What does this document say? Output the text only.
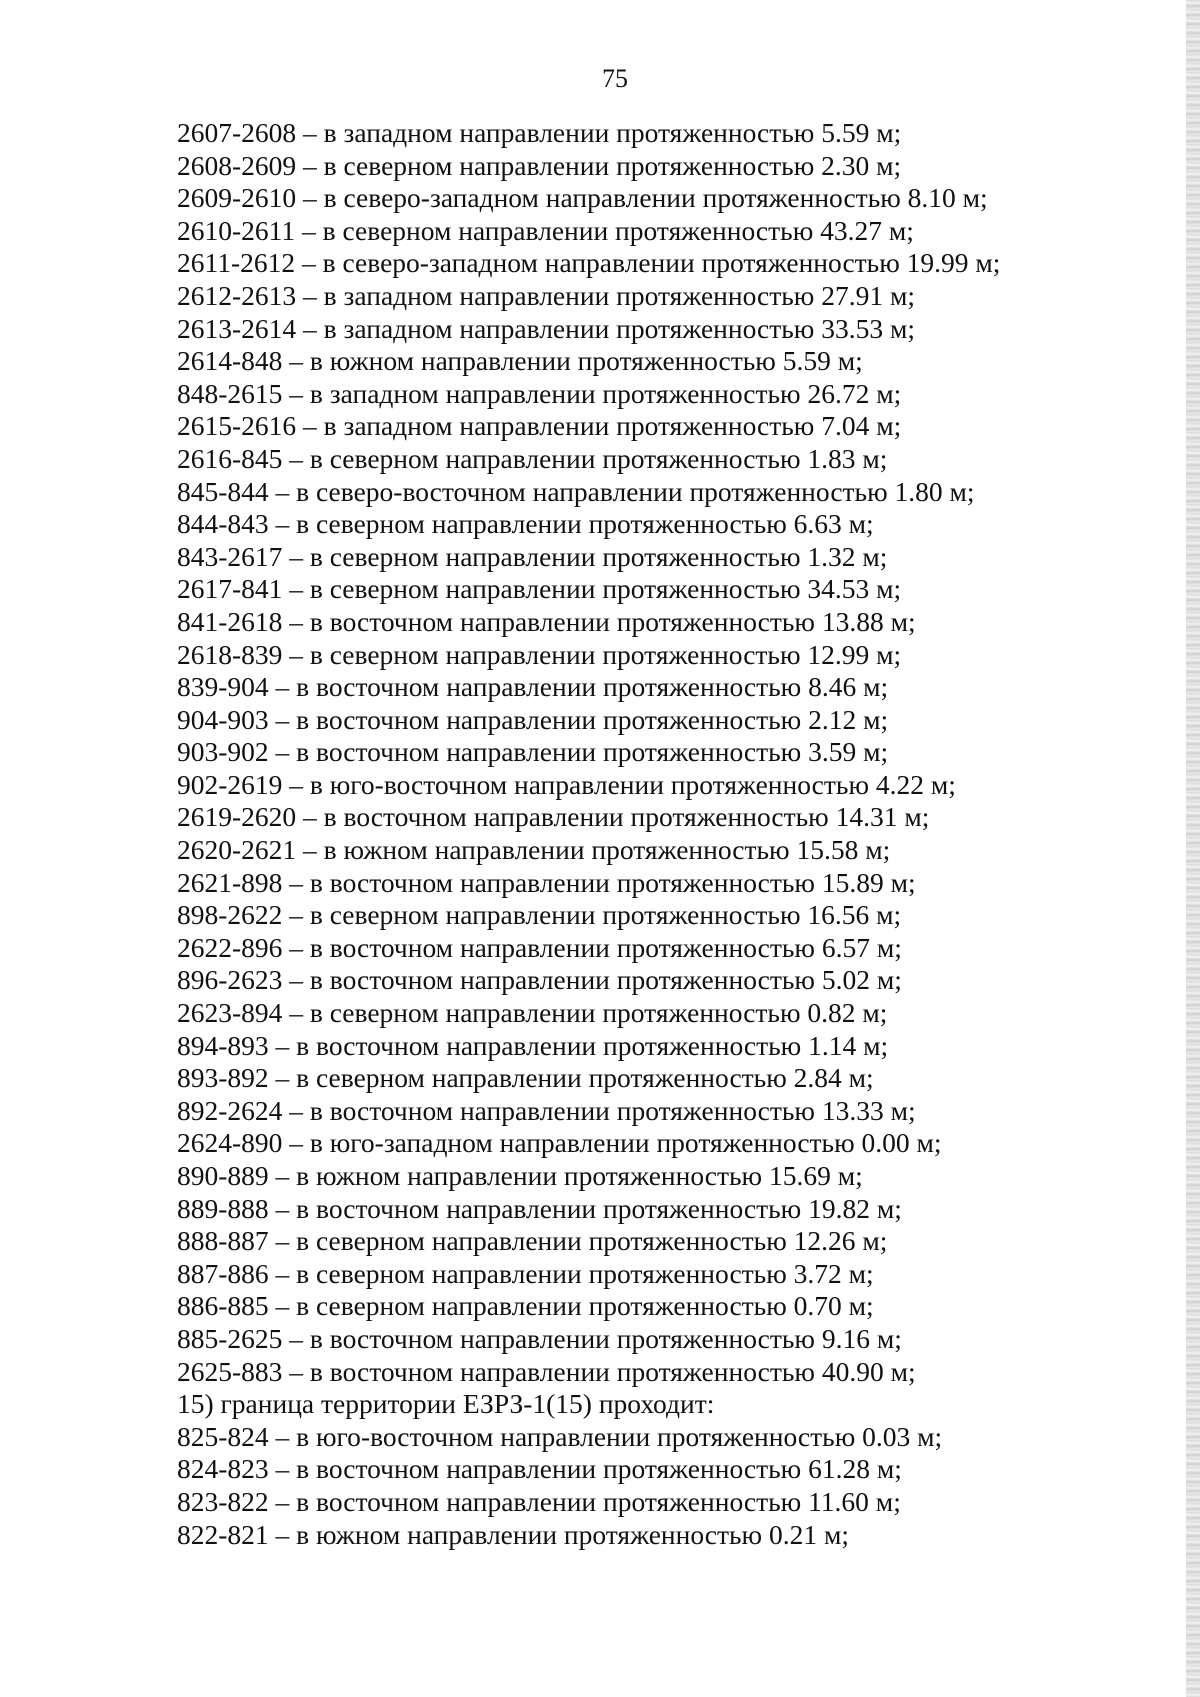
75
2607-2608 – в западном направлении протяженностью 5.59 м;
2608-2609 – в северном направлении протяженностью 2.30 м;
2609-2610 – в северо-западном направлении протяженностью 8.10 м;
2610-2611 – в северном направлении протяженностью 43.27 м;
2611-2612 – в северо-западном направлении протяженностью 19.99 м;
2612-2613 – в западном направлении протяженностью 27.91 м;
2613-2614 – в западном направлении протяженностью 33.53 м;
2614-848 – в южном направлении протяженностью 5.59 м;
848-2615 – в западном направлении протяженностью 26.72 м;
2615-2616 – в западном направлении протяженностью 7.04 м;
2616-845 – в северном направлении протяженностью 1.83 м;
845-844 – в северо-восточном направлении протяженностью 1.80 м;
844-843 – в северном направлении протяженностью 6.63 м;
843-2617 – в северном направлении протяженностью 1.32 м;
2617-841 – в северном направлении протяженностью 34.53 м;
841-2618 – в восточном направлении протяженностью 13.88 м;
2618-839 – в северном направлении протяженностью 12.99 м;
839-904 – в восточном направлении протяженностью 8.46 м;
904-903 – в восточном направлении протяженностью 2.12 м;
903-902 – в восточном направлении протяженностью 3.59 м;
902-2619 – в юго-восточном направлении протяженностью 4.22 м;
2619-2620 – в восточном направлении протяженностью 14.31 м;
2620-2621 – в южном направлении протяженностью 15.58 м;
2621-898 – в восточном направлении протяженностью 15.89 м;
898-2622 – в северном направлении протяженностью 16.56 м;
2622-896 – в восточном направлении протяженностью 6.57 м;
896-2623 – в восточном направлении протяженностью 5.02 м;
2623-894 – в северном направлении протяженностью 0.82 м;
894-893 – в восточном направлении протяженностью 1.14 м;
893-892 – в северном направлении протяженностью 2.84 м;
892-2624 – в восточном направлении протяженностью 13.33 м;
2624-890 – в юго-западном направлении протяженностью 0.00 м;
890-889 – в южном направлении протяженностью 15.69 м;
889-888 – в восточном направлении протяженностью 19.82 м;
888-887 – в северном направлении протяженностью 12.26 м;
887-886 – в северном направлении протяженностью 3.72 м;
886-885 – в северном направлении протяженностью 0.70 м;
885-2625 – в восточном направлении протяженностью 9.16 м;
2625-883 – в восточном направлении протяженностью 40.90 м;
15) граница территории ЕЗРЗ-1(15) проходит:
825-824 – в юго-восточном направлении протяженностью 0.03 м;
824-823 – в восточном направлении протяженностью 61.28 м;
823-822 – в восточном направлении протяженностью 11.60 м;
822-821 – в южном направлении протяженностью 0.21 м;
